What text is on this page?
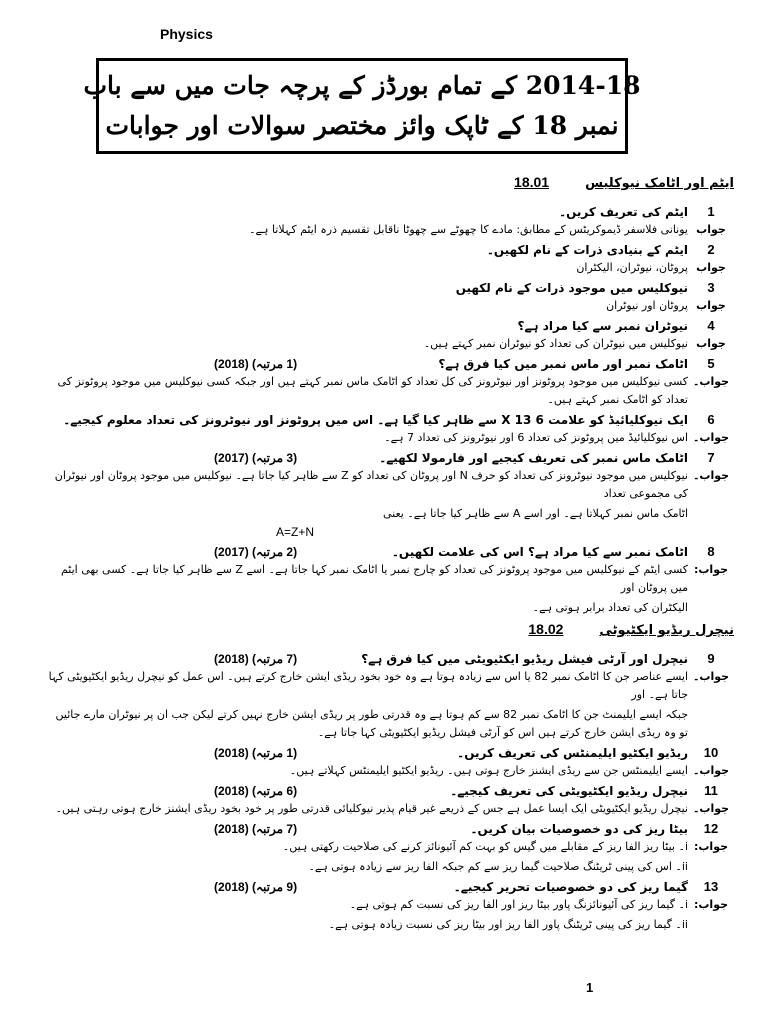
Physics
2014-18 کے تمام بورڈز کے پرچہ جات میں سے باب
نمبر 18 کے ٹاپک وائز مختصر سوالات اور جوابات
ایٹم اور اٹامک نیوکلیس
18.01
1
ایٹم کی تعریف کریں۔
جواب
یونانی فلاسفر ڈیموکریٹس کے مطابق: مادے کا چھوٹے سے چھوٹا ناقابل تقسیم ذرہ ایٹم کہلاتا ہے۔
2
ایٹم کے بنیادی ذرات کے نام لکھیں۔
جواب
پروٹان، نیوٹران، الیکٹران
3
نیوکلیس میں موجود ذرات کے نام لکھیں
جواب
پروٹان اور نیوٹران
4
نیوٹران نمبر سے کیا مراد ہے؟
جواب
نیوکلیس میں نیوٹران کی تعداد کو نیوٹران نمبر کہتے ہیں۔
5
اٹامک نمبر اور ماس نمبر میں کیا فرق ہے؟
(1 مرتبہ) (2018)
جواب۔
کسی نیوکلیس میں موجود پروٹونز اور نیوٹرونز کی کل تعداد کو اٹامک ماس نمبر کہتے ہیں اور جبکہ کسی نیوکلیس میں موجود پروٹونز کی تعداد کو اٹامک نمبر کہتے ہیں۔
6
ایک نیوکلیائیڈ کو علامت X 13 6 سے ظاہر کیا گیا ہے۔ اس میں پروٹونز اور نیوٹرونز کی تعداد معلوم کیجیے۔
جواب۔
اس نیوکلیائیڈ میں پروٹونز کی تعداد 6 اور نیوٹرونز کی تعداد 7 ہے۔
7
اٹامک ماس نمبر کی تعریف کیجیے اور فارمولا لکھیے۔
(3 مرتبہ) (2017)
جواب۔
نیوکلیس میں موجود نیوٹرونز کی تعداد کو حرف N اور پروٹان کی تعداد کو Z سے ظاہر کیا جاتا ہے۔ نیوکلیس میں موجود پروٹان اور نیوٹران کی مجموعی تعداد
اٹامک ماس نمبر کہلاتا ہے۔ اور اسے A سے ظاہر کیا جاتا ہے۔ یعنی
A=Z+N
8
اٹامک نمبر سے کیا مراد ہے؟ اس کی علامت لکھیں۔
(2 مرتبہ) (2017)
جواب:
کسی ایٹم کے نیوکلیس میں موجود پروٹونز کی تعداد کو چارج نمبر یا اٹامک نمبر کہا جاتا ہے۔ اسے Z سے ظاہر کیا جاتا ہے۔ کسی بھی ایٹم میں پروٹان اور
الیکٹران کی تعداد برابر ہوتی ہے۔
نیچرل ریڈیو ایکٹیوٹی
18.02
9
نیچرل اور آرٹی فیشل ریڈیو ایکٹیویٹی میں کیا فرق ہے؟
(7 مرتبہ) (2018)
جواب۔
ایسے عناصر جن کا اٹامک نمبر 82 یا اس سے زیادہ ہوتا ہے وہ خود بخود ریڈی ایشن خارج کرتے ہیں۔ اس عمل کو نیچرل ریڈیو ایکٹیویٹی کہا جاتا ہے۔ اور
جبکہ ایسے ایلیمنٹ جن کا اٹامک نمبر 82 سے کم ہوتا ہے وہ قدرتی طور پر ریڈی ایشن خارج نہیں کرتے لیکن جب ان پر نیوٹران مارے جائیں تو وہ ریڈی ایشن خارج کرتے ہیں اس کو آرٹی فیشل ریڈیو ایکٹیویٹی کہا جاتا ہے۔
10
ریڈیو ایکٹیو ایلیمنٹس کی تعریف کریں۔
(1 مرتبہ) (2018)
جواب۔
ایسے ایلیمنٹس جن سے ریڈی ایشنز خارج ہوتی ہیں۔ ریڈیو ایکٹیو ایلیمنٹس کہلاتے ہیں۔
11
نیچرل ریڈیو ایکٹیویٹی کی تعریف کیجیے۔
(6 مرتبہ) (2018)
جواب۔
نیچرل ریڈیو ایکٹیویٹی ایک ایسا عمل ہے جس کے ذریعے غیر قیام پذیر نیوکلیائی قدرتی طور پر خود بخود ریڈی ایشنز خارج ہوتی رہتی ہیں۔
12
بیٹا ریز کی دو خصوصیات بیان کریں۔
(7 مرتبہ) (2018)
جواب:
i۔ بیٹا ریز الفا ریز کے مقابلے میں گیس کو بہت کم آئیونائز کرنے کی صلاحیت رکھتی ہیں۔
ii۔ اس کی پینی ٹریٹنگ صلاحیت گیما ریز سے کم جبکہ الفا ریز سے زیادہ ہوتی ہے۔
13
گیما ریز کی دو خصوصیات تحریر کیجیے۔
(9 مرتبہ) (2018)
جواب:
i۔ گیما ریز کی آئیونائزنگ پاور بیٹا ریز اور الفا ریز کی نسبت کم ہوتی ہے۔
ii۔ گیما ریز کی پینی ٹریٹنگ پاور الفا ریز اور بیٹا ریز کی نسبت زیادہ ہوتی ہے۔
1
